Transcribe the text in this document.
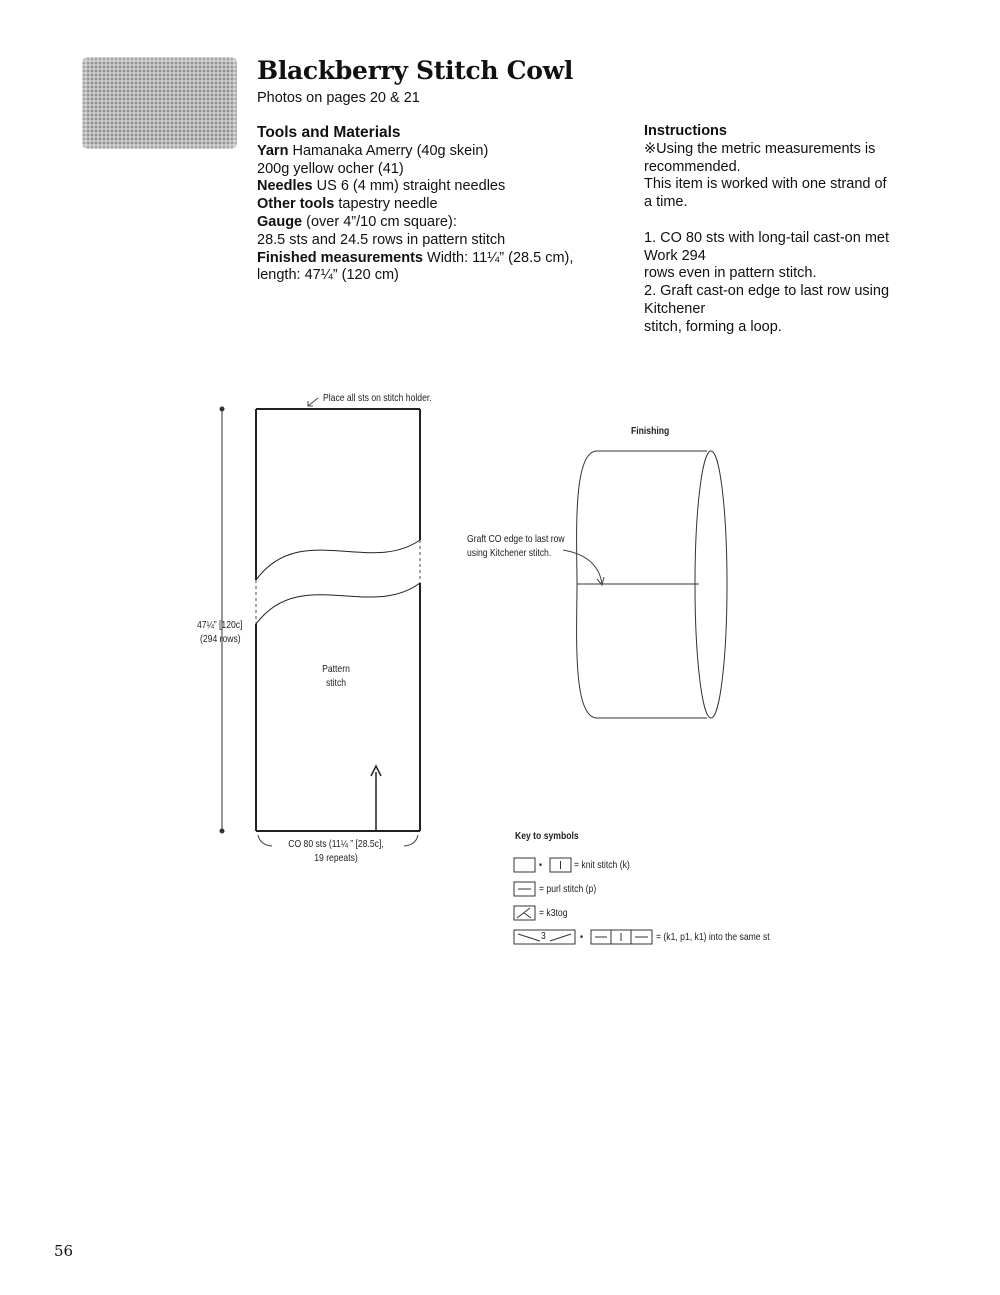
Blackberry Stitch Cowl
Photos on pages 20 & 21
Tools and Materials
Yarn Hamanaka Amerry (40g skein)
200g yellow ocher (41)
Needles US 6 (4 mm) straight needles
Other tools tapestry needle
Gauge (over 4”/10 cm square):
28.5 sts and 24.5 rows in pattern stitch
Finished measurements Width: 11¼” (28.5 cm),
length: 47¼” (120 cm)
Instructions
※Using the metric measurements is
recommended.
This item is worked with one strand of
a time.
1. CO 80 sts with long-tail cast-on met
Work 294
rows even in pattern stitch.
2. Graft cast-on edge to last row using
Kitchener
stitch, forming a loop.
Place all sts on stitch holder.
47¼” [120c]
(294 rows)
Pattern
stitch
CO 80 sts (11¼ ” [28.5c],
19 repeats)
Finishing
Graft CO edge to last row
using Kitchener stitch.
Key to symbols
•	= knit stitch (k)
= purl stitch (p)
= k3tog
3	•	= (k1, p1, k1) into the same st
56
